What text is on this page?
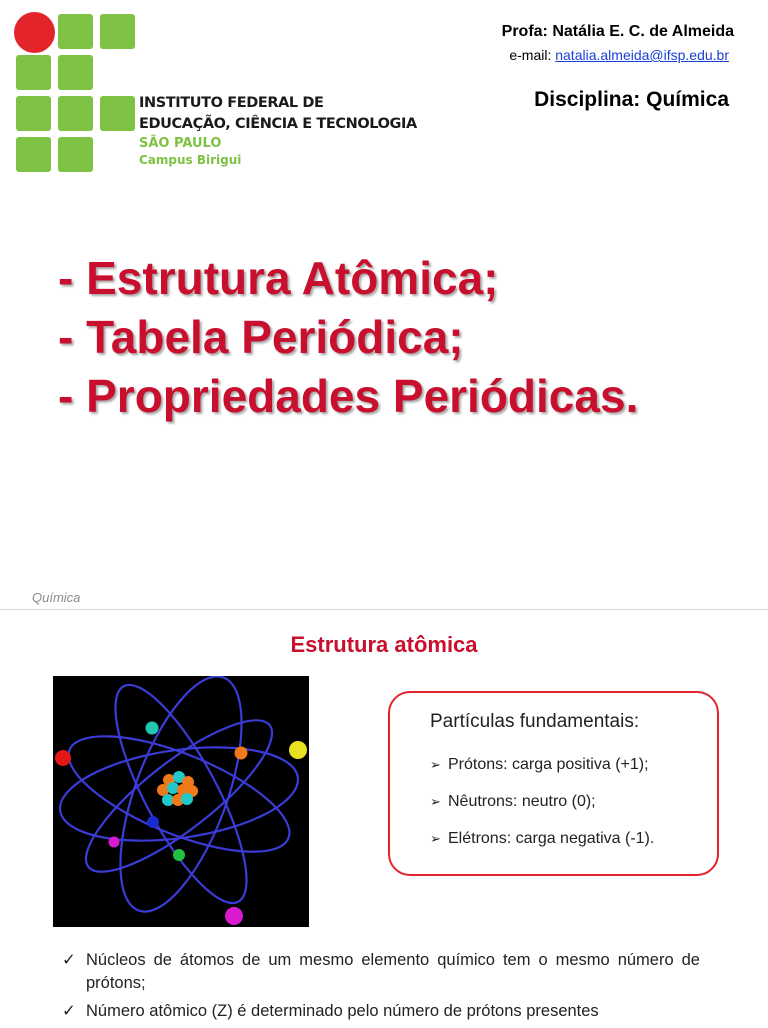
INSTITUTO FEDERAL DE
EDUCAÇÃO, CIÊNCIA E TECNOLOGIA
SÃO PAULO
Campus Birigui
Profa: Natália E. C. de Almeida
e-mail: natalia.almeida@ifsp.edu.br
Disciplina: Química
- Estrutura Atômica;
- Tabela Periódica;
- Propriedades Periódicas.
Química
Estrutura atômica
Partículas fundamentais:
➢ Prótons: carga positiva (+1);
➢ Nêutrons: neutro (0);
➢ Elétrons: carga negativa (-1).
✓ Núcleos de átomos de um mesmo elemento químico tem o mesmo número de prótons;
✓ Número atômico (Z) é determinado pelo número de prótons presentes
